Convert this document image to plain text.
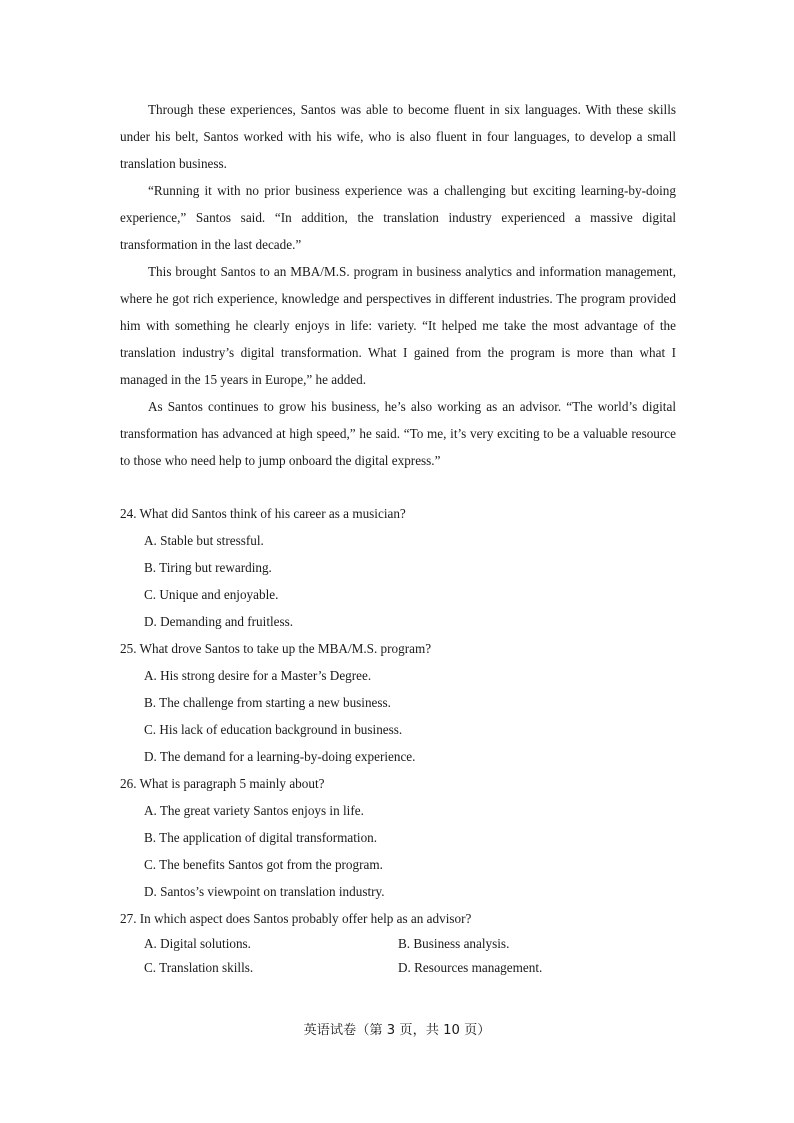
Through these experiences, Santos was able to become fluent in six languages. With these skills under his belt, Santos worked with his wife, who is also fluent in four languages, to develop a small translation business.

“Running it with no prior business experience was a challenging but exciting learning-by-doing experience,” Santos said. “In addition, the translation industry experienced a massive digital transformation in the last decade.”

This brought Santos to an MBA/M.S. program in business analytics and information management, where he got rich experience, knowledge and perspectives in different industries. The program provided him with something he clearly enjoys in life: variety. “It helped me take the most advantage of the translation industry’s digital transformation. What I gained from the program is more than what I managed in the 15 years in Europe,” he added.

As Santos continues to grow his business, he’s also working as an advisor. “The world’s digital transformation has advanced at high speed,” he said. “To me, it’s very exciting to be a valuable resource to those who need help to jump onboard the digital express.”

24. What did Santos think of his career as a musician?
A. Stable but stressful.
B. Tiring but rewarding.
C. Unique and enjoyable.
D. Demanding and fruitless.
25. What drove Santos to take up the MBA/M.S. program?
A. His strong desire for a Master’s Degree.
B. The challenge from starting a new business.
C. His lack of education background in business.
D. The demand for a learning-by-doing experience.
26. What is paragraph 5 mainly about?
A. The great variety Santos enjoys in life.
B. The application of digital transformation.
C. The benefits Santos got from the program.
D. Santos’s viewpoint on translation industry.
27. In which aspect does Santos probably offer help as an advisor?
A. Digital solutions.	B. Business analysis.
C. Translation skills.	D. Resources management.
英语试卷（第 3 页，共 10 页）
